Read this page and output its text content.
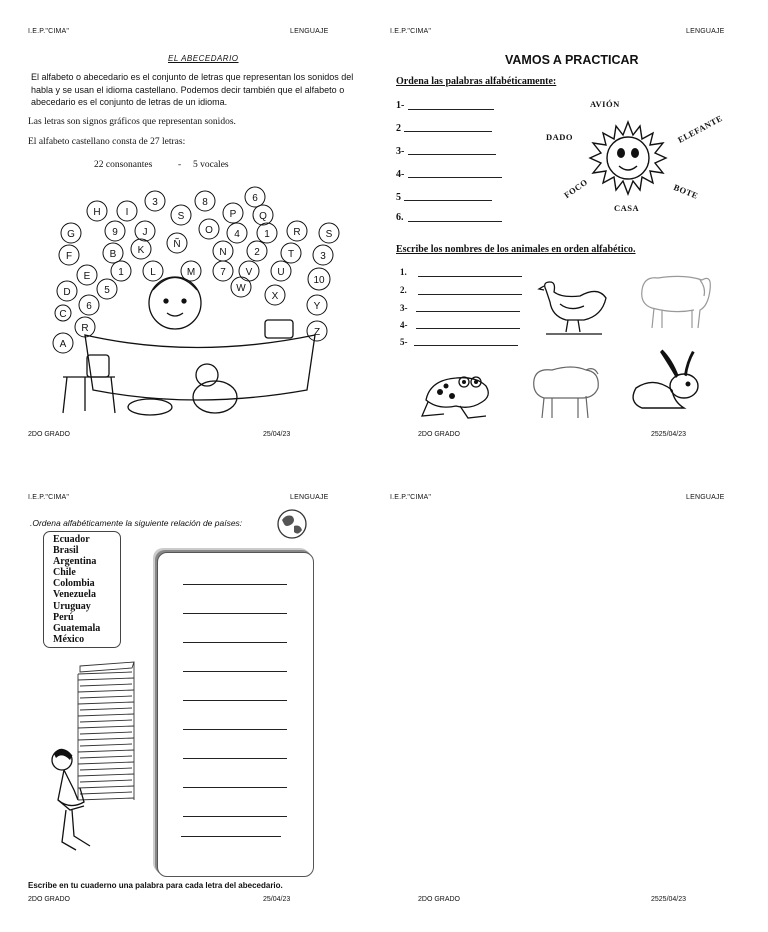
I.E.P."CIMA"	LENGUAJE
EL ABECEDARIO
El alfabeto o abecedario es el conjunto de letras que representan los sonidos del habla y se usan el idioma castellano. Podemos decir también que el alfabeto o abecedario es el conjunto de letras de un idioma.
Las letras son signos gráficos que representan sonidos.
El alfabeto castellano consta de 27 letras:
22 consonantes	- 5 vocales
3	8	6
H I	S	P Q
G	9 J	O 4 1 R	S
F	B K
Ñ
N	2	T	3
E	1	L	M	7 V	U
10
D	5	W
X
Y
C
6
Z
R
A
2DO GRADO	25/04/23
I.E.P."CIMA"	LENGUAJE
VAMOS A PRACTICAR
Ordena las palabras alfabéticamente:
1-
2
3-
4-
5
6.
AVIÓN
DADO	ELEFANTE
FOCO	BOTE
CASA
Escribe los nombres de los animales en orden alfabético.
1.
2.
3-
4-
5-
2DO GRADO	2525/04/23
I.E.P."CIMA"	LENGUAJE
.Ordena alfabéticamente la siguiente relación de países:
Ecuador
Brasil
Argentina
Chile
Colombia
Venezuela
Uruguay
Perú
Guatemala
México
Escribe en tu cuaderno una palabra para cada letra del abecedario.
2DO GRADO	25/04/23
I.E.P."CIMA"	LENGUAJE
2DO GRADO	2525/04/23
